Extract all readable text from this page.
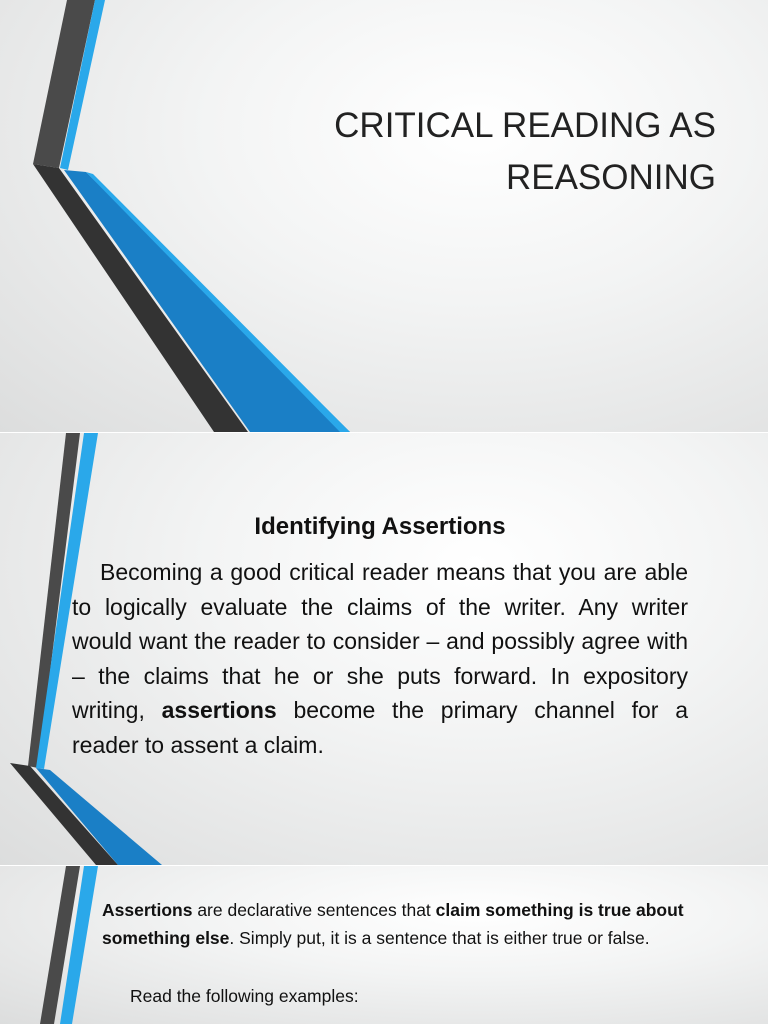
CRITICAL READING AS
REASONING
Identifying Assertions

Becoming a good critical reader means that you are able to logically evaluate the claims of the writer. Any writer would want the reader to consider – and possibly agree with – the claims that he or she puts forward. In expository writing, assertions become the primary channel for a reader to assent a claim.

Assertions are declarative sentences that claim something is true about something else. Simply put, it is a sentence that is either true or false.

Read the following examples:
